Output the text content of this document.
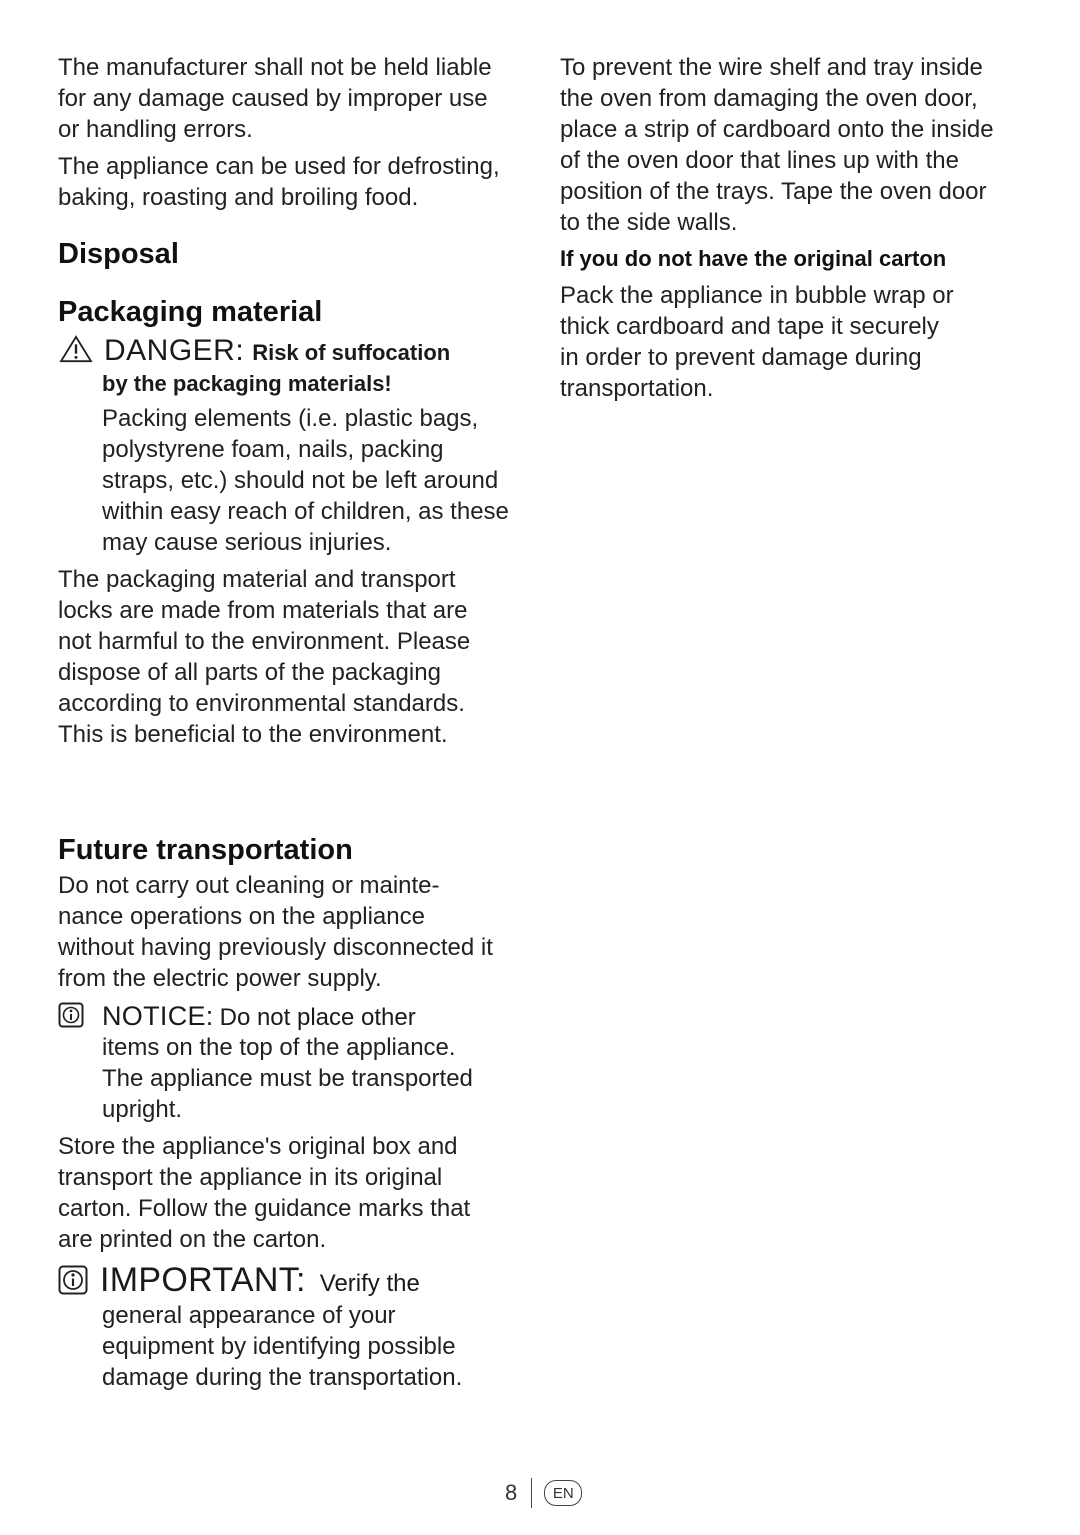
The manufacturer shall not be held liable

for any damage caused by improper use

or handling errors.

The appliance can be used for defrosting,

baking, roasting and broiling food.

Disposal
Packaging material
DANGER: Risk of suffocation
by the packaging materials!

Packing elements (i.e. plastic bags,

polystyrene foam, nails, packing

straps, etc.) should not be left around

within easy reach of children, as these

may cause serious injuries.

The packaging material and transport

locks are made from materials that are

not harmful to the environment. Please

dispose of all parts of the packaging

according to environmental standards.

This is beneficial to the environment.

Future transportation

Do not carry out cleaning or mainte-

nance operations on the appliance

without having previously disconnected it

from the electric power supply.

NOTICE: Do not place other

items on the top of the appliance.

The appliance must be transported

upright.

Store the appliance's original box and

transport the appliance in its original

carton. Follow the guidance marks that

are printed on the carton.

IMPORTANT: Verify the

general appearance of your

equipment by identifying possible

damage during the transportation.

To prevent the wire shelf and tray inside

the oven from damaging the oven door,

place a strip of cardboard onto the inside

of the oven door that lines up with the

position of the trays. Tape the oven door

to the side walls.

If you do not have the original carton

Pack the appliance in bubble wrap or

thick cardboard and tape it securely

in order to prevent damage during

transportation.

8	EN
